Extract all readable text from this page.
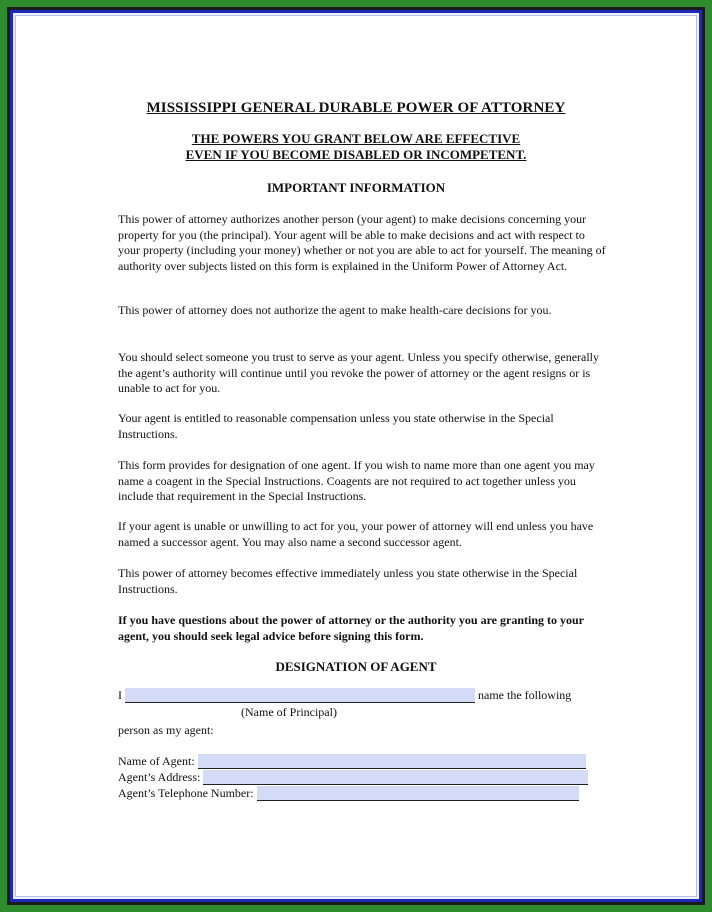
MISSISSIPPI GENERAL DURABLE POWER OF ATTORNEY
THE POWERS YOU GRANT BELOW ARE EFFECTIVE
EVEN IF YOU BECOME DISABLED OR INCOMPETENT.
IMPORTANT INFORMATION

This power of attorney authorizes another person (your agent) to make decisions concerning your property for you (the principal). Your agent will be able to make decisions and act with respect to your property (including your money) whether or not you are able to act for yourself. The meaning of authority over subjects listed on this form is explained in the Uniform Power of Attorney Act.

This power of attorney does not authorize the agent to make health-care decisions for you.

You should select someone you trust to serve as your agent. Unless you specify otherwise, generally the agent’s authority will continue until you revoke the power of attorney or the agent resigns or is unable to act for you.

Your agent is entitled to reasonable compensation unless you state otherwise in the Special Instructions.

This form provides for designation of one agent. If you wish to name more than one agent you may name a coagent in the Special Instructions. Coagents are not required to act together unless you include that requirement in the Special Instructions.

If your agent is unable or unwilling to act for you, your power of attorney will end unless you have named a successor agent. You may also name a second successor agent.

This power of attorney becomes effective immediately unless you state otherwise in the Special Instructions.

If you have questions about the power of attorney or the authority you are granting to your agent, you should seek legal advice before signing this form.

DESIGNATION OF AGENT
I	name the following
(Name of Principal)
person as my agent:
Name of Agent:
Agent’s Address:
Agent’s Telephone Number:
